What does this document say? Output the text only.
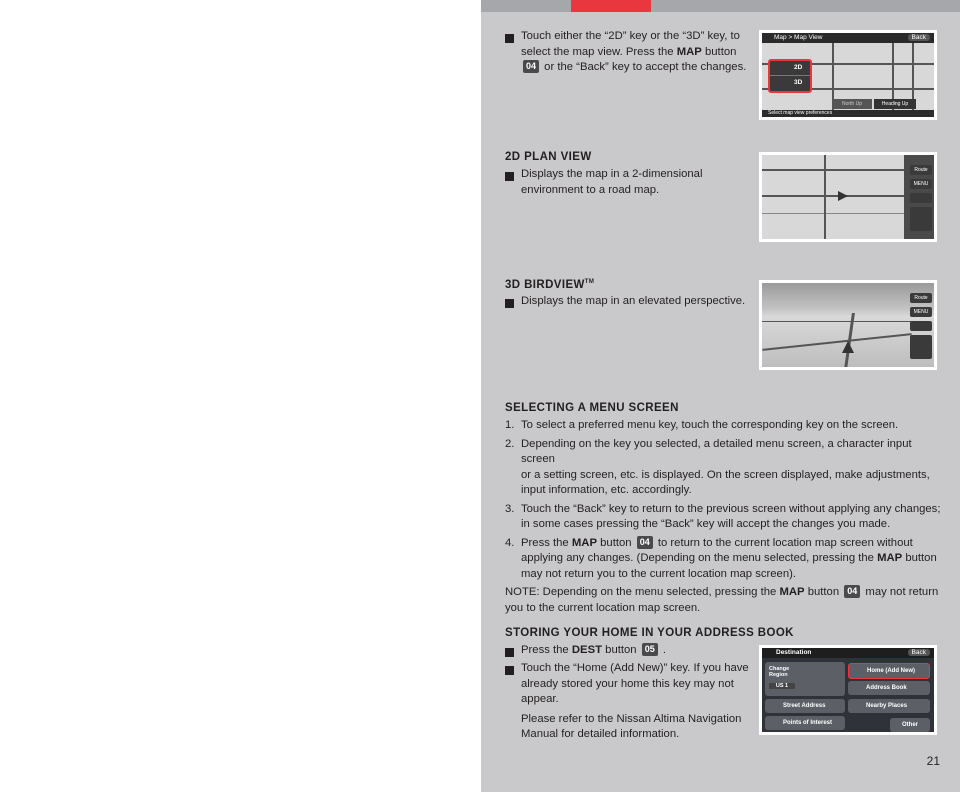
Touch either the “2D” key or the “3D” key, to
select the map view. Press the MAP button
04 or the “Back” key to accept the changes.
Map > Map View	Back
2D
3D
North Up	Heading Up
Select map view preferences
2D PLAN VIEW
Displays the map in a 2-dimensional
environment to a road map.
Route
MENU
3D BIRDVIEW™
Displays the map in an elevated perspective.	Route
MENU
SELECTING A MENU SCREEN
1. To select a preferred menu key, touch the corresponding key on the screen.
2. Depending on the key you selected, a detailed menu screen, a character input screen
or a setting screen, etc. is displayed. On the screen displayed, make adjustments,
input information, etc. accordingly.
3. Touch the “Back” key to return to the previous screen without applying any changes;
in some cases pressing the “Back” key will accept the changes you made.
4. Press the MAP button 04 to return to the current location map screen without
applying any changes. (Depending on the menu selected, pressing the MAP button
may not return you to the current location map screen).
NOTE: Depending on the menu selected, pressing the MAP button 04 may not return
you to the current location map screen.
STORING YOUR HOME IN YOUR ADDRESS BOOK
Press the DEST button 05 .
Touch the “Home (Add New)” key. If you have
already stored your home this key may not
appear.
Please refer to the Nissan Altima Navigation
Manual for detailed information.
Destination	Back
Change Region
US 1
Home (Add New)
Address Book
Street Address	Nearby Places
Points of Interest	Other
21
